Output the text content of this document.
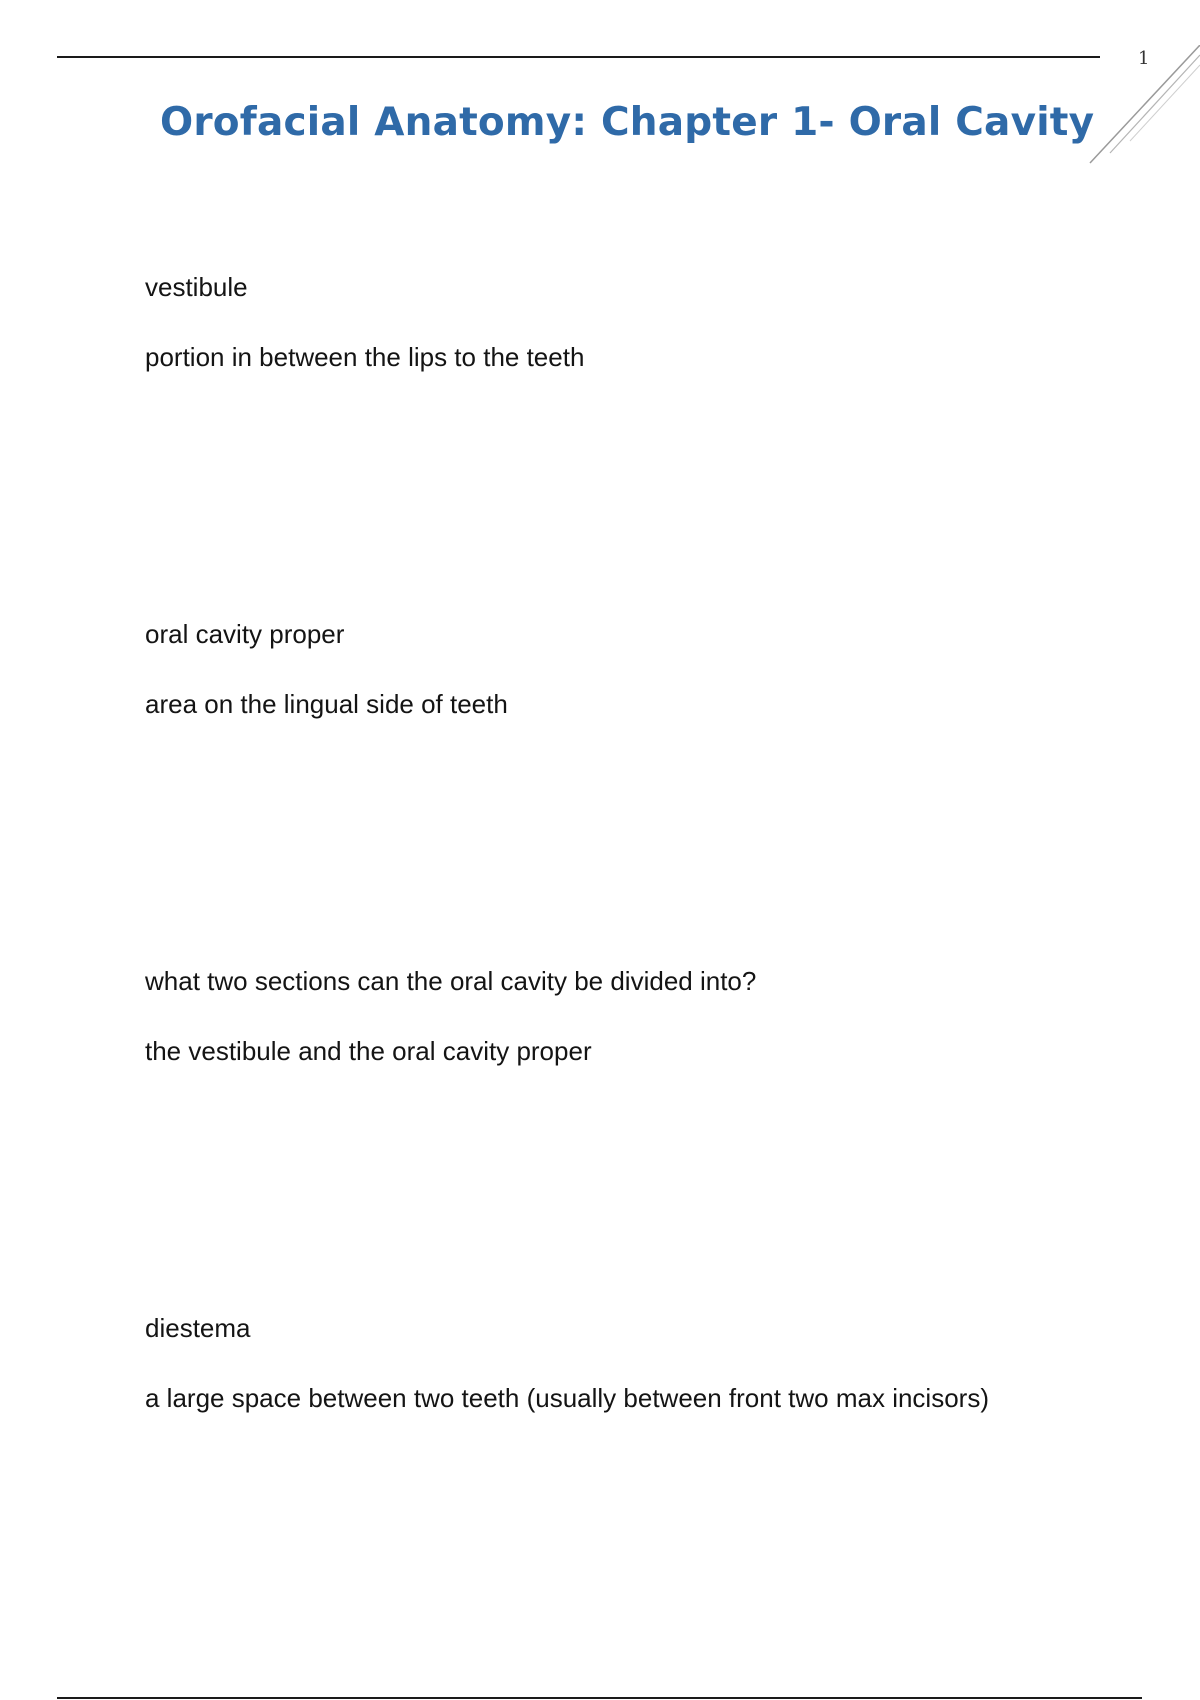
1
Orofacial Anatomy: Chapter 1- Oral Cavity

vestibule

portion in between the lips to the teeth

oral cavity proper

area on the lingual side of teeth

what two sections can the oral cavity be divided into?

the vestibule and the oral cavity proper

diestema

a large space between two teeth (usually between front two max incisors)
